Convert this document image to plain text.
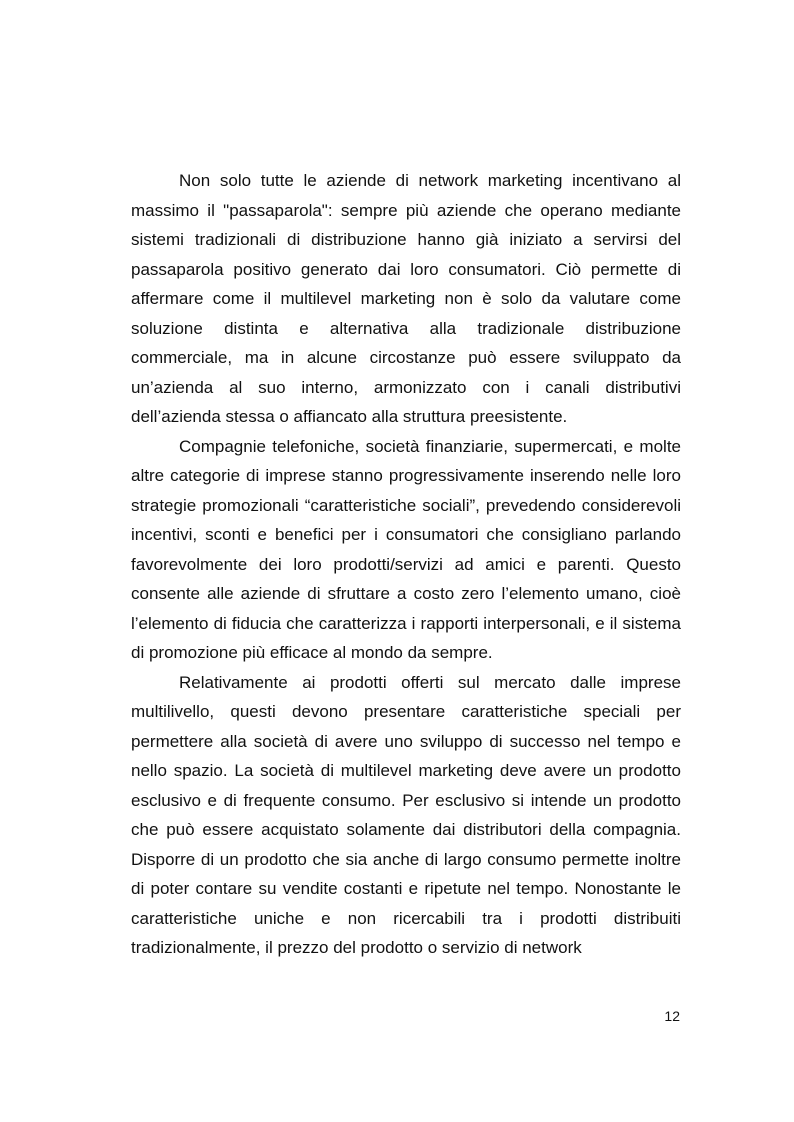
Non solo tutte le aziende di network marketing incentivano al massimo il "passaparola": sempre più aziende che operano mediante sistemi tradizionali di distribuzione hanno già iniziato a servirsi del passaparola positivo generato dai loro consumatori. Ciò permette di affermare come il multilevel marketing non è solo da valutare come soluzione distinta e alternativa alla tradizionale distribuzione commerciale, ma in alcune circostanze può essere sviluppato da un’azienda al suo interno, armonizzato con i canali distributivi dell’azienda stessa o affiancato alla struttura preesistente.

Compagnie telefoniche, società finanziarie, supermercati, e molte altre categorie di imprese stanno progressivamente inserendo nelle loro strategie promozionali “caratteristiche sociali”, prevedendo considerevoli incentivi, sconti e benefici per i consumatori che consigliano parlando favorevolmente dei loro prodotti/servizi ad amici e parenti. Questo consente alle aziende di sfruttare a costo zero l’elemento umano, cioè l’elemento di fiducia che caratterizza i rapporti interpersonali, e il sistema di promozione più efficace al mondo da sempre.

Relativamente ai prodotti offerti sul mercato dalle imprese multilivello, questi devono presentare caratteristiche speciali per permettere alla società di avere uno sviluppo di successo nel tempo e nello spazio. La società di multilevel marketing deve avere un prodotto esclusivo e di frequente consumo. Per esclusivo si intende un prodotto che può essere acquistato solamente dai distributori della compagnia. Disporre di un prodotto che sia anche di largo consumo permette inoltre di poter contare su vendite costanti e ripetute nel tempo. Nonostante le caratteristiche uniche e non ricercabili tra i prodotti distribuiti tradizionalmente, il prezzo del prodotto o servizio di network

12
